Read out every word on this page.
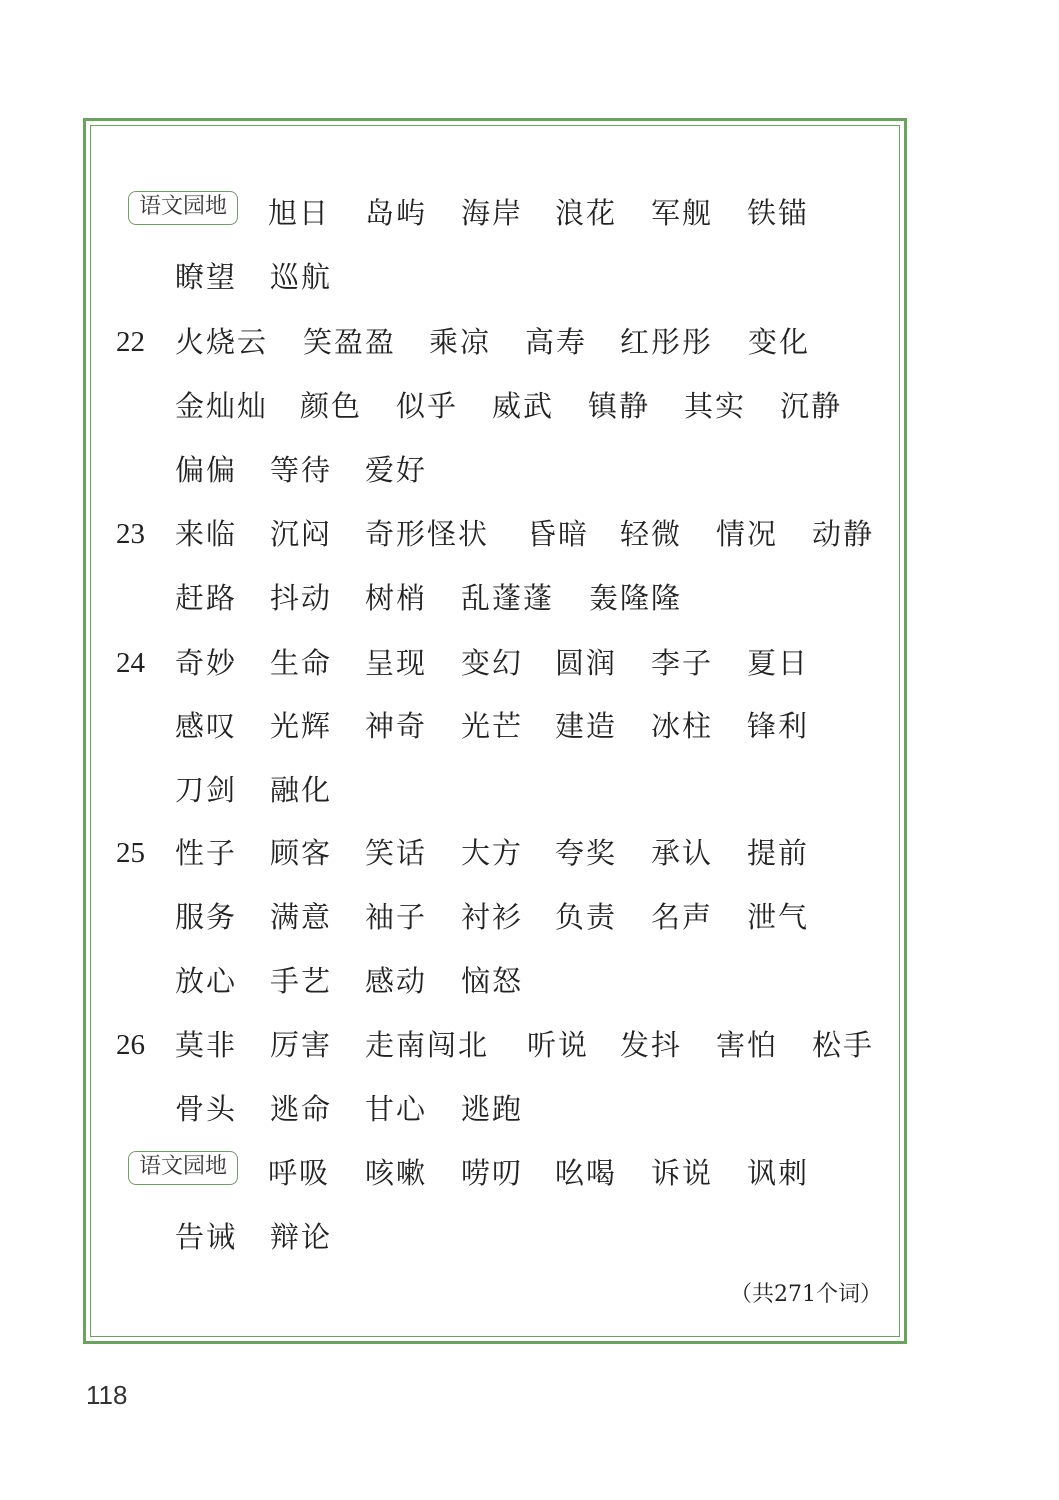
语文园地	旭日 岛屿 海岸 浪花 军舰 铁锚
瞭望 巡航
22 火烧云 笑盈盈 乘凉 高寿 红彤彤 变化
金灿灿 颜色 似乎 威武 镇静 其实 沉静
偏偏 等待 爱好
23 来临 沉闷 奇形怪状 昏暗 轻微 情况 动静
赶路 抖动 树梢 乱蓬蓬 轰隆隆
24 奇妙 生命 呈现 变幻 圆润 李子 夏日
感叹 光辉 神奇 光芒 建造 冰柱 锋利
刀剑 融化
25 性子 顾客 笑话 大方 夸奖 承认 提前
服务 满意 袖子 衬衫 负责 名声 泄气
放心 手艺 感动 恼怒
26 莫非 厉害 走南闯北 听说 发抖 害怕 松手
骨头 逃命 甘心 逃跑
语文园地	呼吸 咳嗽 唠叨 吆喝 诉说 讽刺
告诫 辩论
（共271个词）
118
